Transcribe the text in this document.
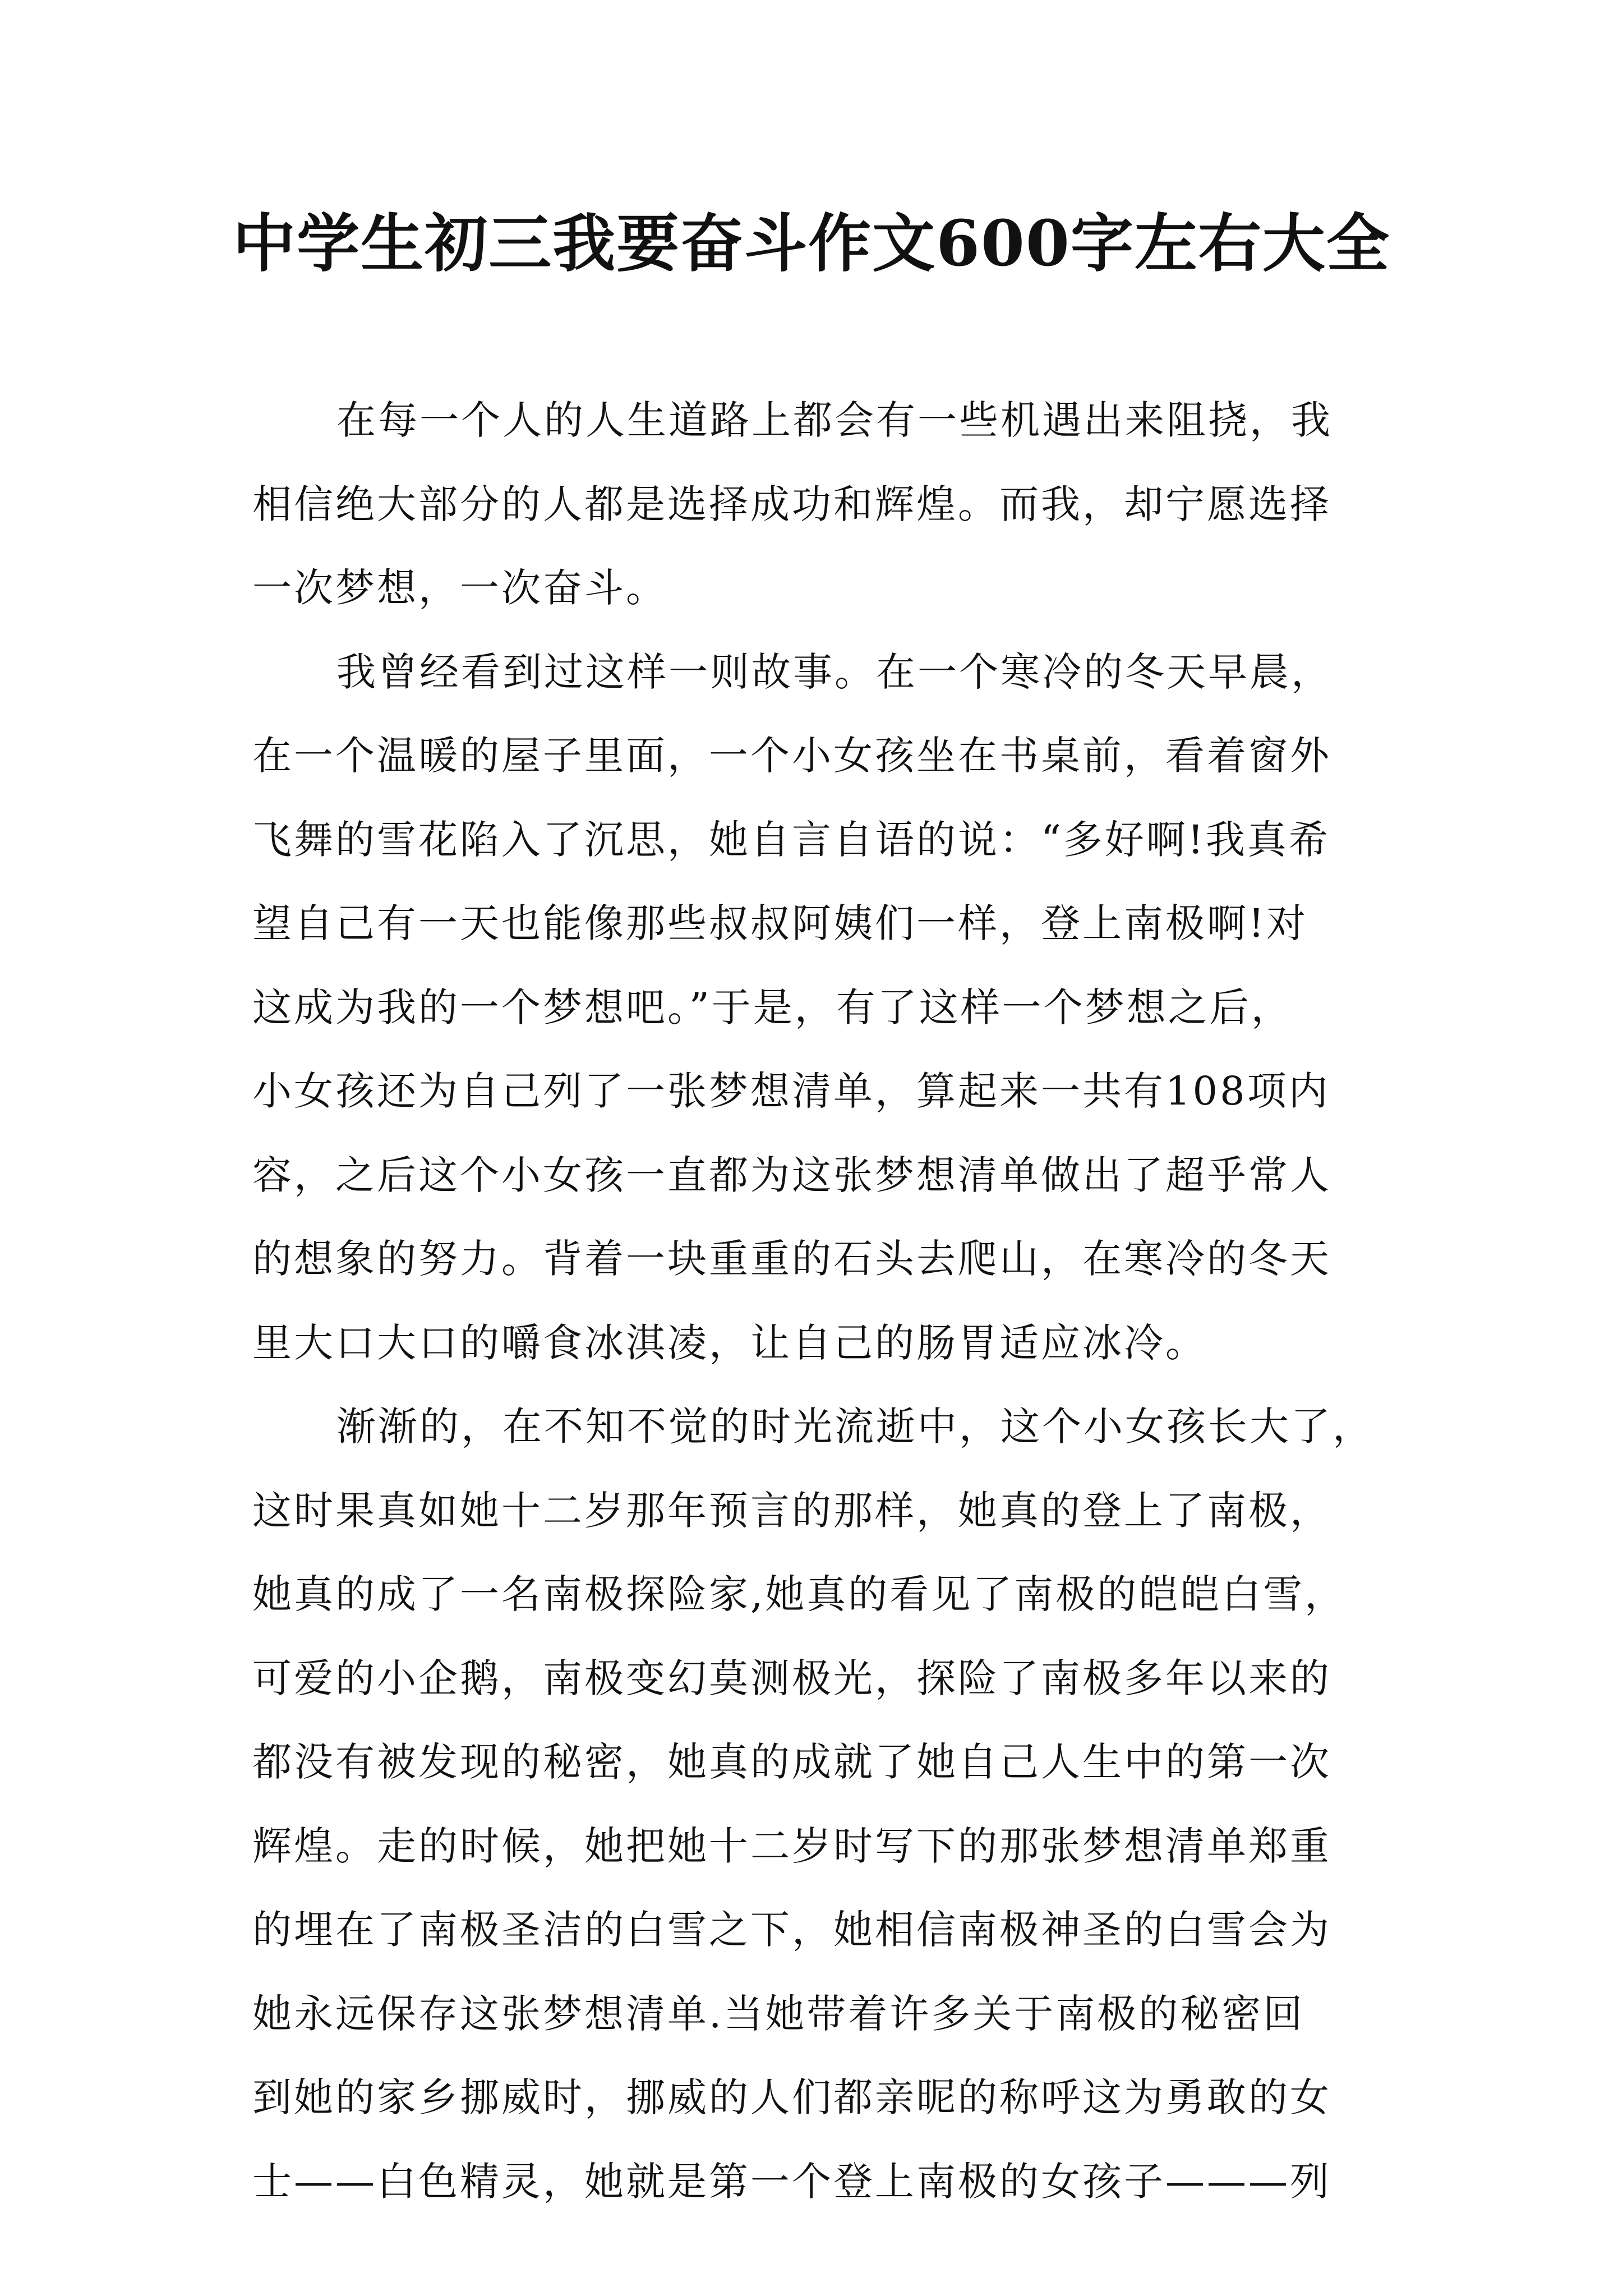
中学生初三我要奋斗作文600字左右大全
在每一个人的人生道路上都会有一些机遇出来阻挠，我
相信绝大部分的人都是选择成功和辉煌。而我，却宁愿选择
一次梦想，一次奋斗。
我曾经看到过这样一则故事。在一个寒冷的冬天早晨，
在一个温暖的屋子里面，一个小女孩坐在书桌前，看着窗外
飞舞的雪花陷入了沉思，她自言自语的说：“多好啊!我真希
望自己有一天也能像那些叔叔阿姨们一样，登上南极啊!对
这成为我的一个梦想吧。”于是，有了这样一个梦想之后，
小女孩还为自己列了一张梦想清单，算起来一共有108项内
容，之后这个小女孩一直都为这张梦想清单做出了超乎常人
的想象的努力。背着一块重重的石头去爬山，在寒冷的冬天
里大口大口的嚼食冰淇凌，让自己的肠胃适应冰冷。
渐渐的，在不知不觉的时光流逝中，这个小女孩长大了，
这时果真如她十二岁那年预言的那样，她真的登上了南极，
她真的成了一名南极探险家,她真的看见了南极的皑皑白雪，
可爱的小企鹅，南极变幻莫测极光，探险了南极多年以来的
都没有被发现的秘密，她真的成就了她自己人生中的第一次
辉煌。走的时候，她把她十二岁时写下的那张梦想清单郑重
的埋在了南极圣洁的白雪之下，她相信南极神圣的白雪会为
她永远保存这张梦想清单.当她带着许多关于南极的秘密回
到她的家乡挪威时，挪威的人们都亲昵的称呼这为勇敢的女
士——白色精灵，她就是第一个登上南极的女孩子———列
